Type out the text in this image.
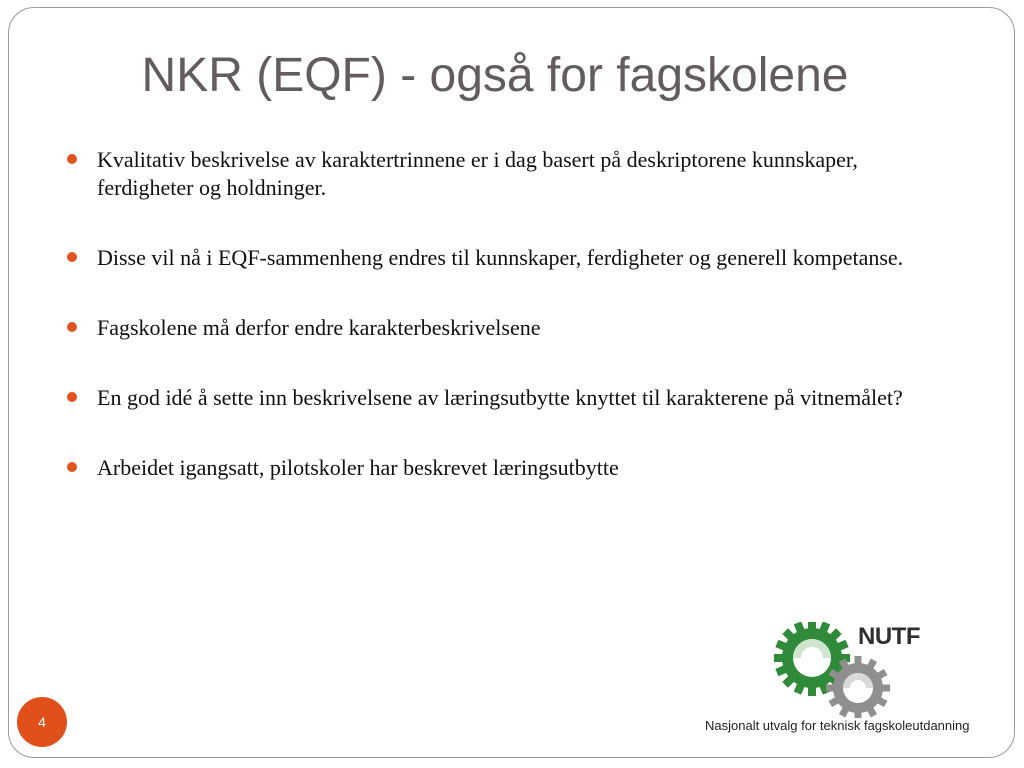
NKR (EQF) - også for fagskolene
Kvalitativ beskrivelse av karaktertrinnene er i dag basert på deskriptorene kunnskaper, ferdigheter og holdninger.
Disse vil nå i EQF-sammenheng endres til kunnskaper, ferdigheter og generell kompetanse.
Fagskolene må derfor endre karakterbeskrivelsene
En god idé å sette inn beskrivelsene av læringsutbytte knyttet til karakterene på vitnemålet?
Arbeidet igangsatt, pilotskoler har beskrevet læringsutbytte
NUTF
Nasjonalt utvalg for teknisk fagskoleutdanning
4
